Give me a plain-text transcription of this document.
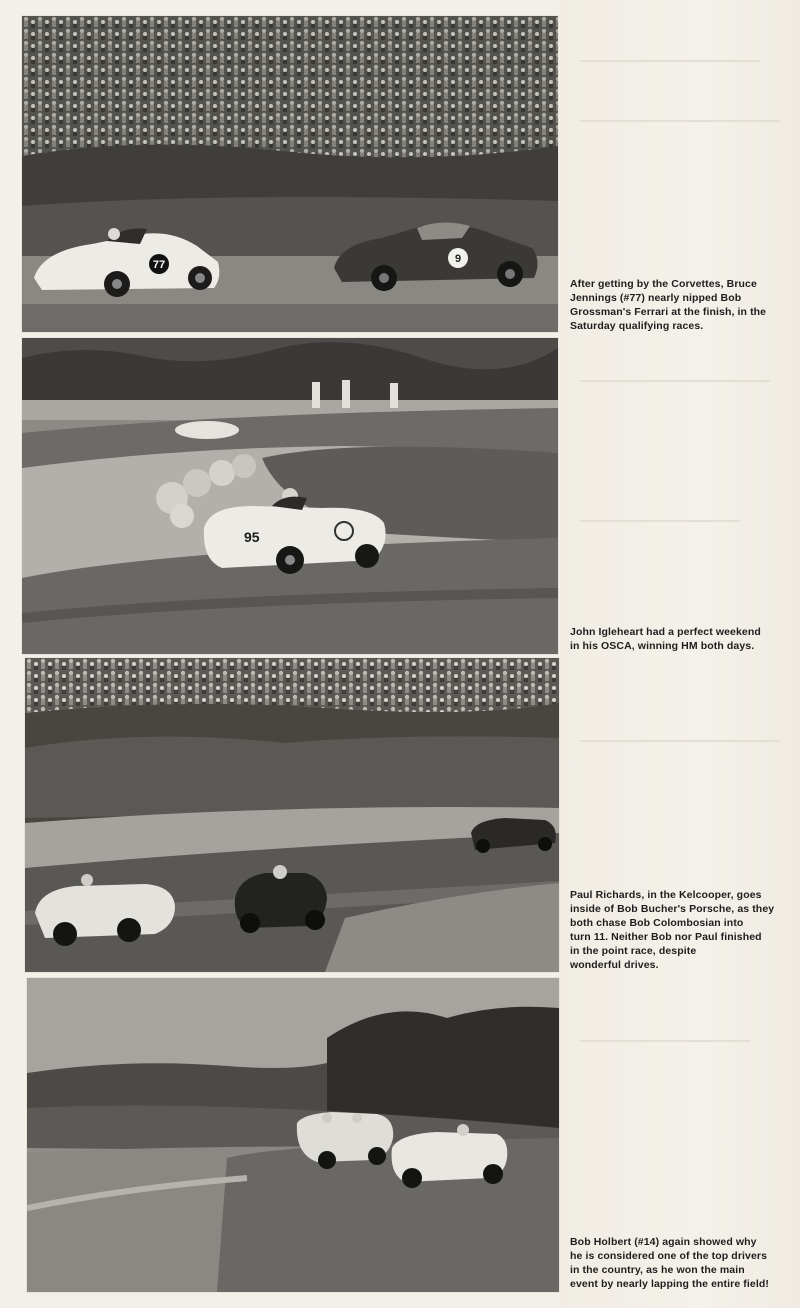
77	9
After getting by the Corvettes, Bruce
Jennings (#77) nearly nipped Bob
Grossman's Ferrari at the finish, in the
Saturday qualifying races.
95
John Igleheart had a perfect weekend
in his OSCA, winning HM both days.
Paul Richards, in the Kelcooper, goes
inside of Bob Bucher's Porsche, as they
both chase Bob Colombosian into
turn 11. Neither Bob nor Paul finished
in the point race, despite
wonderful drives.
Bob Holbert (#14) again showed why
he is considered one of the top drivers
in the country, as he won the main
event by nearly lapping the entire field!
